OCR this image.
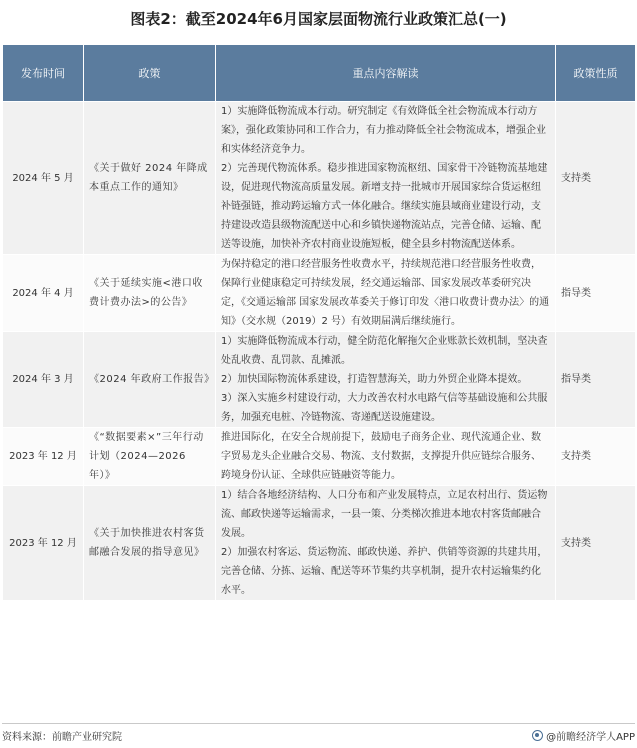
图表2：截至2024年6月国家层面物流行业政策汇总(一)
发布时间	政策	重点内容解读	政策性质
2024 年 5 月	《关于做好 2024 年降成本重点工作的通知》	1）实施降低物流成本行动。研究制定《有效降低全社会物流成本行动方案》，强化政策协同和工作合力，有力推动降低全社会物流成本，增强企业和实体经济竞争力。
2）完善现代物流体系。稳步推进国家物流枢纽、国家骨干冷链物流基地建设，促进现代物流高质量发展。新增支持一批城市开展国家综合货运枢纽补链强链，推动跨运输方式一体化融合。继续实施县域商业建设行动，支持建设改造县级物流配送中心和乡镇快递物流站点，完善仓储、运输、配送等设施，加快补齐农村商业设施短板，健全县乡村物流配送体系。	支持类
2024 年 4 月	《关于延续实施<港口收费计费办法>的公告》	为保持稳定的港口经营服务性收费水平，持续规范港口经营服务性收费，保障行业健康稳定可持续发展，经交通运输部、国家发展改革委研究决定，《交通运输部 国家发展改革委关于修订印发〈港口收费计费办法〉的通知》（交水规（2019）2 号）有效期届满后继续施行。	指导类
2024 年 3 月	《2024 年政府工作报告》	1）实施降低物流成本行动，健全防范化解拖欠企业账款长效机制，坚决查处乱收费、乱罚款、乱摊派。
2）加快国际物流体系建设，打造智慧海关，助力外贸企业降本提效。
3）深入实施乡村建设行动，大力改善农村水电路气信等基础设施和公共服务，加强充电桩、冷链物流、寄递配送设施建设。	指导类
2023 年 12 月	《“数据要素×”三年行动计划（2024—2026 年）》	推进国际化，在安全合规前提下，鼓励电子商务企业、现代流通企业、数字贸易龙头企业融合交易、物流、支付数据，支撑提升供应链综合服务、跨境身份认证、全球供应链融资等能力。	支持类
2023 年 12 月	《关于加快推进农村客货邮融合发展的指导意见》	1）结合各地经济结构、人口分布和产业发展特点，立足农村出行、货运物流、邮政快递等运输需求，一县一策、分类梯次推进本地农村客货邮融合发展。
2）加强农村客运、货运物流、邮政快递、养护、供销等资源的共建共用，完善仓储、分拣、运输、配送等环节集约共享机制，提升农村运输集约化水平。	支持类
资料来源：前瞻产业研究院	@前瞻经济学人APP
